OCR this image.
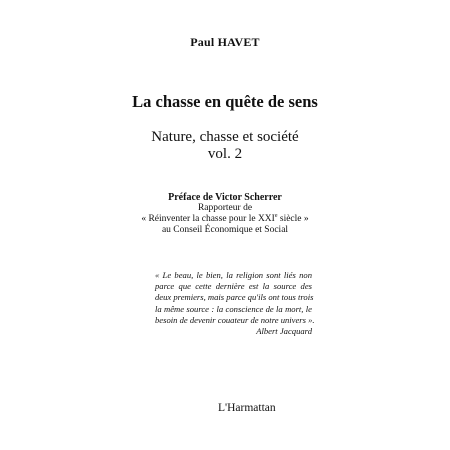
Paul HAVET
La chasse en quête de sens
Nature, chasse et société
vol. 2
Préface de Victor Scherrer
Rapporteur de
« Réinventer la chasse pour le XXIe siècle »
au Conseil Économique et Social
« Le beau, le bien, la religion sont liés non
parce que cette dernière est la source des
deux premiers, mais parce qu'ils ont tous trois
la même source : la conscience de la mort, le
besoin de devenir couateur de notre univers ».
Albert Jacquard
L'Harmattan
